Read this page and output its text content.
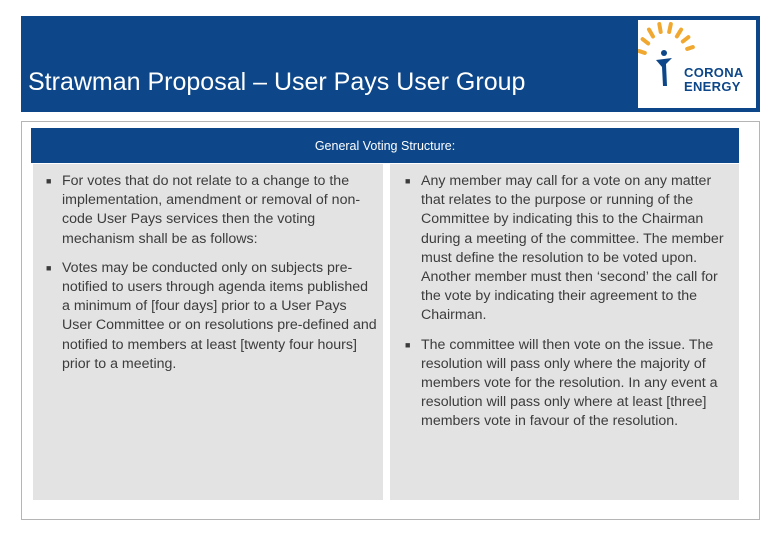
Strawman Proposal – User Pays User Group	CORONA
ENERGY
General Voting Structure:
■ For votes that do not relate to a change to the implementation, amendment or removal of non-code User Pays services then the voting mechanism shall be as follows:
■ Votes may be conducted only on subjects pre-notified to users through agenda items published a minimum of [four days] prior to a User Pays User Committee or on resolutions pre-defined and notified to members at least [twenty four hours] prior to a meeting.
■ Any member may call for a vote on any matter that relates to the purpose or running of the Committee by indicating this to the Chairman during a meeting of the committee. The member must define the resolution to be voted upon. Another member must then ‘second’ the call for the vote by indicating their agreement to the Chairman.
■ The committee will then vote on the issue. The resolution will pass only where the majority of members vote for the resolution. In any event a resolution will pass only where at least [three] members vote in favour of the resolution.
